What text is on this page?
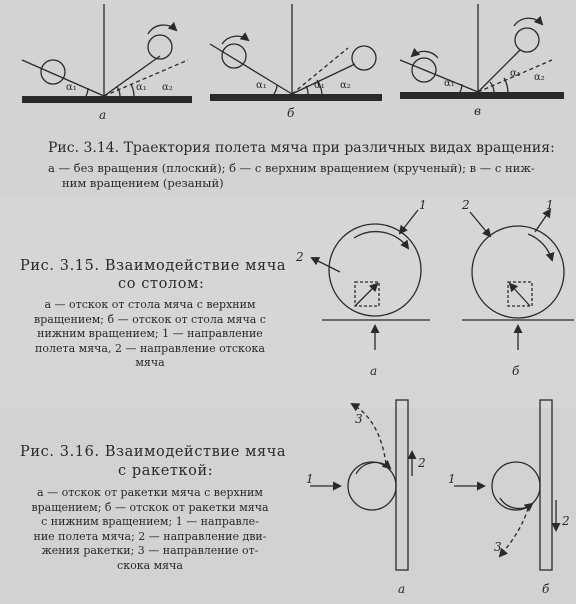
а	б	в
α₁	α₁ α₂	α₁	α₁ α₂	α₁
α₁ α₂

Рис. 3.14. Траектория полета мяча при различных видах вращения:

а — без вращения (плоский); б — с верхним вращением (крученый); в — с ниж-

ним вращением (резаный)

Рис. 3.15. Взаимодействие мяча

со столом:

а — отскок от стола мяча с верхним
вращением; б — отскок от стола мяча с
нижним вращением; 1 — направление
полета мяча, 2 — направление отскока
мяча
1
2
2	1
а	б

Рис. 3.16. Взаимодействие мяча

с ракеткой:

а — отскок от ракетки мяча с верхним
вращением; б — отскок от ракетки мяча
с нижним вращением; 1 — направле-
ние полета мяча; 2 — направление дви-
жения ракетки; 3 — направление от-
скока мяча
3
1
2
1
2
3
а	б
